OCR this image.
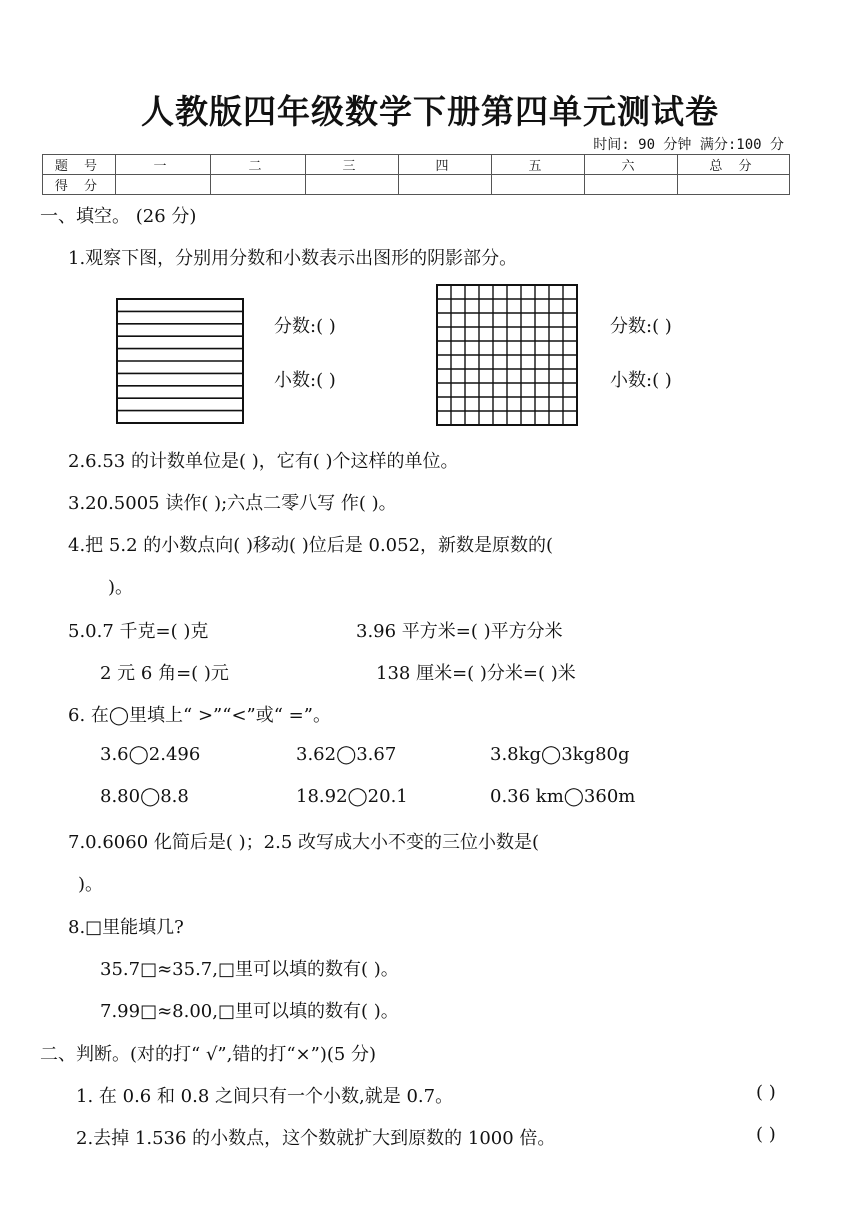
人教版四年级数学下册第四单元测试卷
时间: 90 分钟 满分:100 分
题 号	一	二	三	四	五	六	总 分
得 分							
一、填空。 (26 分)
1.观察下图，分别用分数和小数表示出图形的阴影部分。
分数:( )
小数:( )
分数:( )
小数:( )
2.6.53 的计数单位是( )，它有( )个这样的单位。
3.20.5005 读作( );六点二零八写 作( )。
4.把 5.2 的小数点向( )移动( )位后是 0.052，新数是原数的(
)。
5.0.7 千克=( )克	3.96 平方米=( )平方分米
2 元 6 角=( )元	138 厘米=( )分米=( )米
6. 在◯里填上“ >”“<”或“ =”。
3.6◯2.496	3.62◯3.67	3.8kg◯3kg80g
8.80◯8.8	18.92◯20.1	0.36 km◯360m
7.0.6060 化简后是( )；2.5 改写成大小不变的三位小数是(
)。
8.□里能填几?
35.7□≈35.7,□里可以填的数有( )。
7.99□≈8.00,□里可以填的数有( )。
二、判断。(对的打“ √”,错的打“×”)(5 分)
1. 在 0.6 和 0.8 之间只有一个小数,就是 0.7。	( )
2.去掉 1.536 的小数点，这个数就扩大到原数的 1000 倍。	( )
